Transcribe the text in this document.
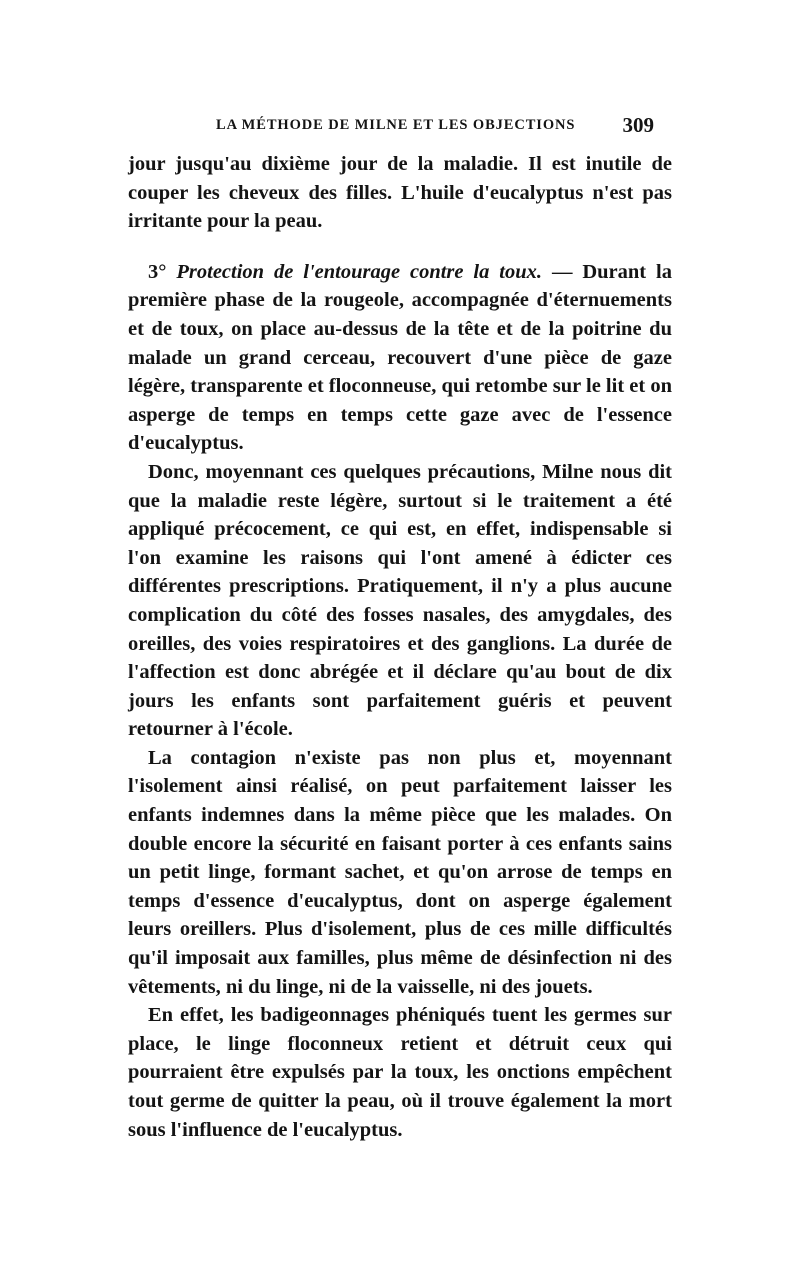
LA MÉTHODE DE MILNE ET LES OBJECTIONS 309

jour jusqu'au dixième jour de la maladie. Il est inutile de couper les cheveux des filles. L'huile d'eucalyptus n'est pas irritante pour la peau.

3° Protection de l'entourage contre la toux. — Durant la première phase de la rougeole, accompagnée d'éternuements et de toux, on place au-dessus de la tête et de la poitrine du malade un grand cerceau, recouvert d'une pièce de gaze légère, transparente et floconneuse, qui retombe sur le lit et on asperge de temps en temps cette gaze avec de l'essence d'eucalyptus.

Donc, moyennant ces quelques précautions, Milne nous dit que la maladie reste légère, surtout si le traitement a été appliqué précocement, ce qui est, en effet, indispensable si l'on examine les raisons qui l'ont amené à édicter ces différentes prescriptions. Pratiquement, il n'y a plus aucune complication du côté des fosses nasales, des amygdales, des oreilles, des voies respiratoires et des ganglions. La durée de l'affection est donc abrégée et il déclare qu'au bout de dix jours les enfants sont parfaitement guéris et peuvent retourner à l'école.

La contagion n'existe pas non plus et, moyennant l'isolement ainsi réalisé, on peut parfaitement laisser les enfants indemnes dans la même pièce que les malades. On double encore la sécurité en faisant porter à ces enfants sains un petit linge, formant sachet, et qu'on arrose de temps en temps d'essence d'eucalyptus, dont on asperge également leurs oreillers. Plus d'isolement, plus de ces mille difficultés qu'il imposait aux familles, plus même de désinfection ni des vêtements, ni du linge, ni de la vaisselle, ni des jouets.

En effet, les badigeonnages phéniqués tuent les germes sur place, le linge floconneux retient et détruit ceux qui pourraient être expulsés par la toux, les onctions empêchent tout germe de quitter la peau, où il trouve également la mort sous l'influence de l'eucalyptus.
